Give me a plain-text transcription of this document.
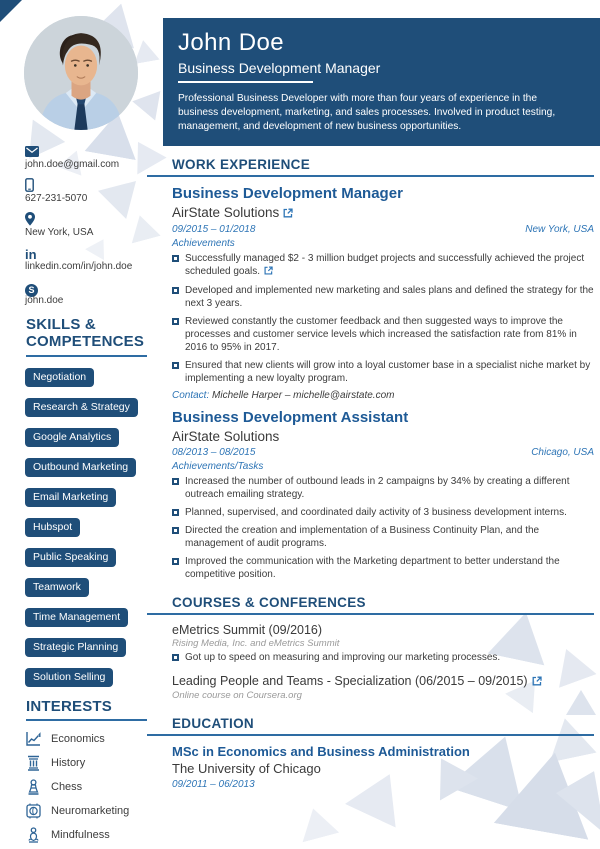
john.doe@gmail.com
627-231-5070
New York, USA
in
linkedin.com/in/john.doe
S
john.doe
SKILLS & COMPETENCES
Negotiation
Research & Strategy
Google Analytics
Outbound Marketing
Email Marketing
Hubspot
Public Speaking
Teamwork
Time Management
Strategic Planning
Solution Selling
INTERESTS
Economics
History
Chess
Neuromarketing
Mindfulness
John Doe
Business Development Manager
Professional Business Developer with more than four years of experience in the business development, marketing, and sales processes. Involved in product testing, management, and development of new business opportunities.
WORK EXPERIENCE
Business Development Manager
AirState Solutions
09/2015 – 01/2018	New York, USA
Achievements
Successfully managed $2 - 3 million budget projects and successfully achieved the project scheduled goals.
Developed and implemented new marketing and sales plans and defined the strategy for the next 3 years.
Reviewed constantly the customer feedback and then suggested ways to improve the processes and customer service levels which increased the satisfaction rate from 81% in 2016 to 95% in 2017.
Ensured that new clients will grow into a loyal customer base in a specialist niche market by implementing a new loyalty program.
Contact: Michelle Harper – michelle@airstate.com
Business Development Assistant
AirState Solutions
08/2013 – 08/2015	Chicago, USA
Achievements/Tasks
Increased the number of outbound leads in 2 campaigns by 34% by creating a different outreach emailing strategy.
Planned, supervised, and coordinated daily activity of 3 business development interns.
Directed the creation and implementation of a Business Continuity Plan, and the management of audit programs.
Improved the communication with the Marketing department to better understand the competitive position.
COURSES & CONFERENCES
eMetrics Summit (09/2016)
Rising Media, Inc. and eMetrics Summit
Got up to speed on measuring and improving our marketing processes.
Leading People and Teams - Specialization (06/2015 – 09/2015)
Online course on Coursera.org
EDUCATION
MSc in Economics and Business Administration
The University of Chicago
09/2011 – 06/2013
